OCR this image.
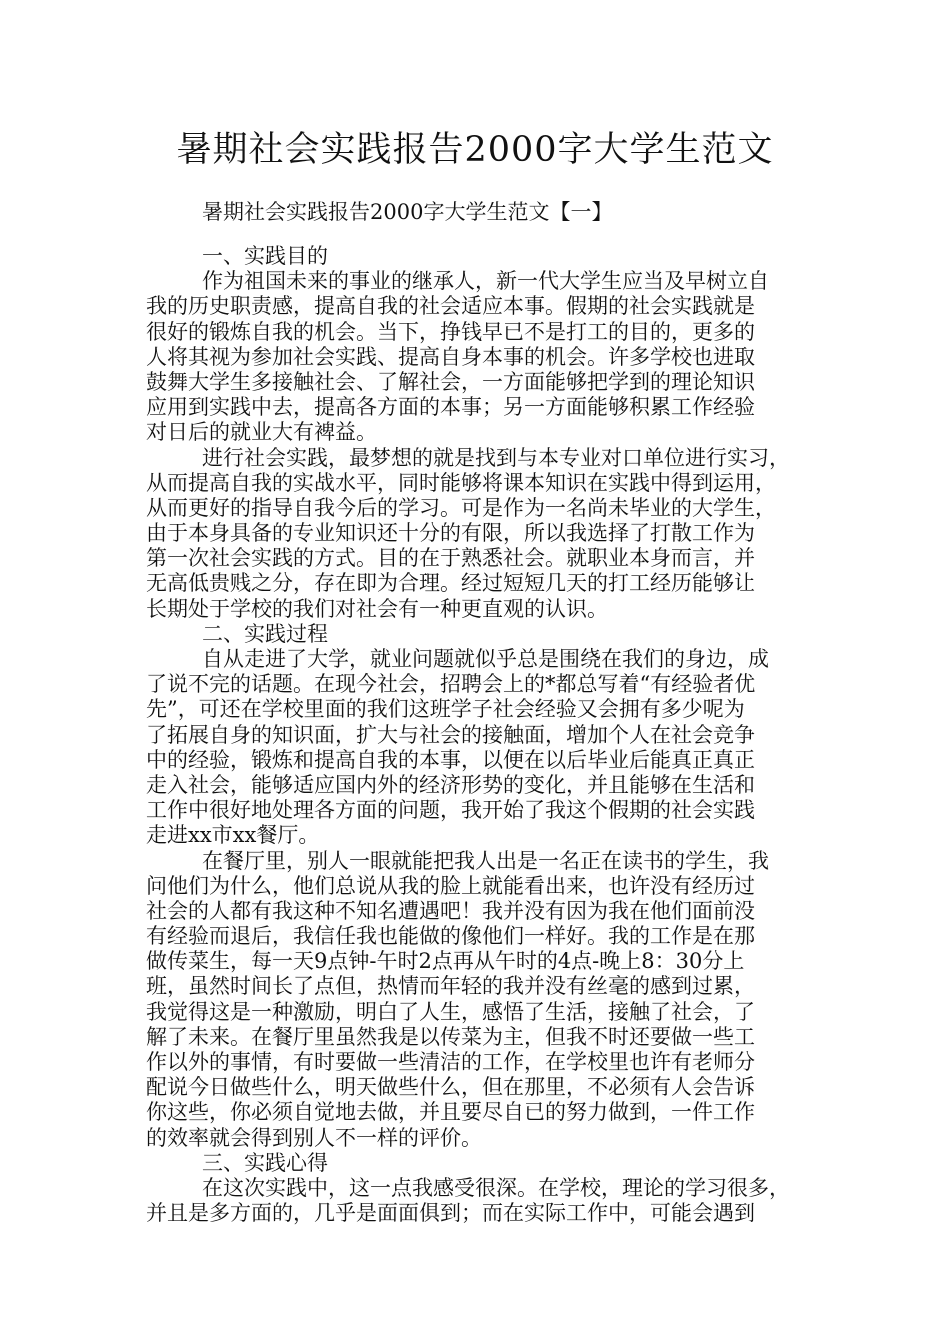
暑期社会实践报告2000字大学生范文

暑期社会实践报告2000字大学生范文【一】

一、实践目的
作为祖国未来的事业的继承人，新一代大学生应当及早树立自
我的历史职责感，提高自我的社会适应本事。假期的社会实践就是
很好的锻炼自我的机会。当下，挣钱早已不是打工的目的，更多的
人将其视为参加社会实践、提高自身本事的机会。许多学校也进取
鼓舞大学生多接触社会、了解社会，一方面能够把学到的理论知识
应用到实践中去，提高各方面的本事；另一方面能够积累工作经验
对日后的就业大有裨益。
进行社会实践，最梦想的就是找到与本专业对口单位进行实习，
从而提高自我的实战水平，同时能够将课本知识在实践中得到运用，
从而更好的指导自我今后的学习。可是作为一名尚未毕业的大学生，
由于本身具备的专业知识还十分的有限，所以我选择了打散工作为
第一次社会实践的方式。目的在于熟悉社会。就职业本身而言，并
无高低贵贱之分，存在即为合理。经过短短几天的打工经历能够让
长期处于学校的我们对社会有一种更直观的认识。
二、实践过程
自从走进了大学，就业问题就似乎总是围绕在我们的身边，成
了说不完的话题。在现今社会，招聘会上的*都总写着“有经验者优
先”，可还在学校里面的我们这班学子社会经验又会拥有多少呢为
了拓展自身的知识面，扩大与社会的接触面，增加个人在社会竞争
中的经验，锻炼和提高自我的本事，以便在以后毕业后能真正真正
走入社会，能够适应国内外的经济形势的变化，并且能够在生活和
工作中很好地处理各方面的问题，我开始了我这个假期的社会实践
走进xx市xx餐厅。
在餐厅里，别人一眼就能把我人出是一名正在读书的学生，我
问他们为什么，他们总说从我的脸上就能看出来，也许没有经历过
社会的人都有我这种不知名遭遇吧！我并没有因为我在他们面前没
有经验而退后，我信任我也能做的像他们一样好。我的工作是在那
做传菜生，每一天9点钟-午时2点再从午时的4点-晚上8：30分上
班，虽然时间长了点但，热情而年轻的我并没有丝毫的感到过累，
我觉得这是一种激励，明白了人生，感悟了生活，接触了社会，了
解了未来。在餐厅里虽然我是以传菜为主，但我不时还要做一些工
作以外的事情，有时要做一些清洁的工作，在学校里也许有老师分
配说今日做些什么，明天做些什么，但在那里，不必须有人会告诉
你这些，你必须自觉地去做，并且要尽自已的努力做到，一件工作
的效率就会得到别人不一样的评价。
三、实践心得
在这次实践中，这一点我感受很深。在学校，理论的学习很多，
并且是多方面的，几乎是面面俱到；而在实际工作中，可能会遇到
